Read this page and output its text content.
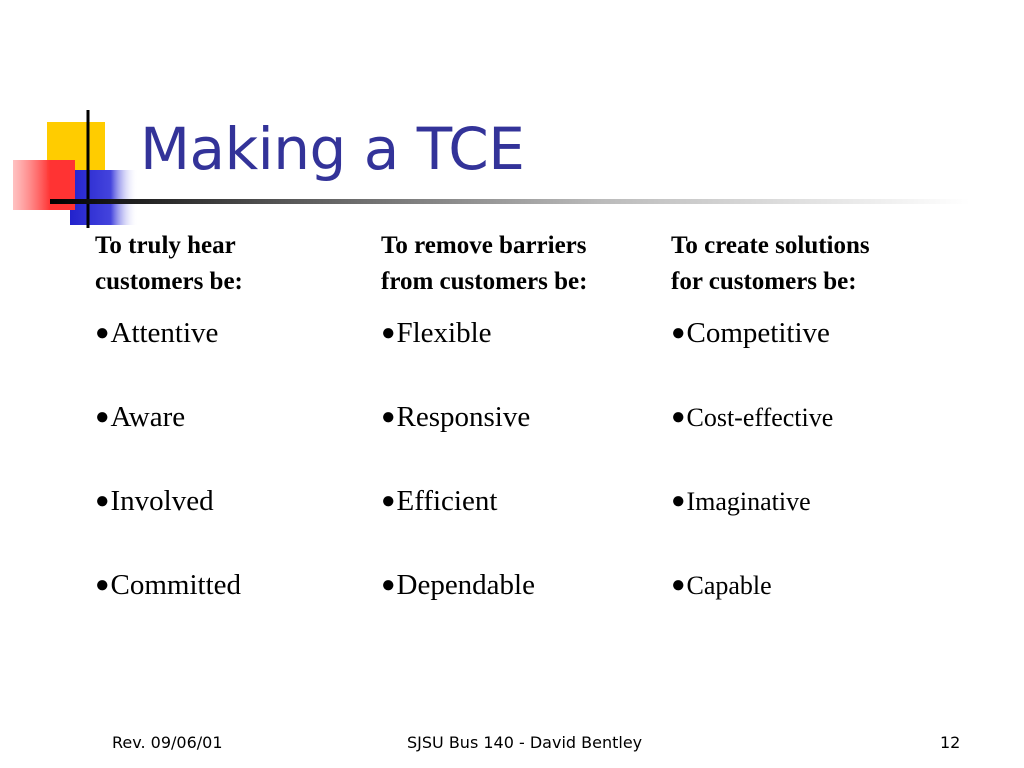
Making a TCE
To truly hear
customers be:
●Attentive
●Aware
●Involved
●Committed
To remove barriers
from customers be:
●Flexible
●Responsive
●Efficient
●Dependable
To create solutions
for customers be:
●Competitive
●Cost-effective
●Imaginative
●Capable
Rev. 09/06/01	SJSU Bus 140 - David Bentley	12
